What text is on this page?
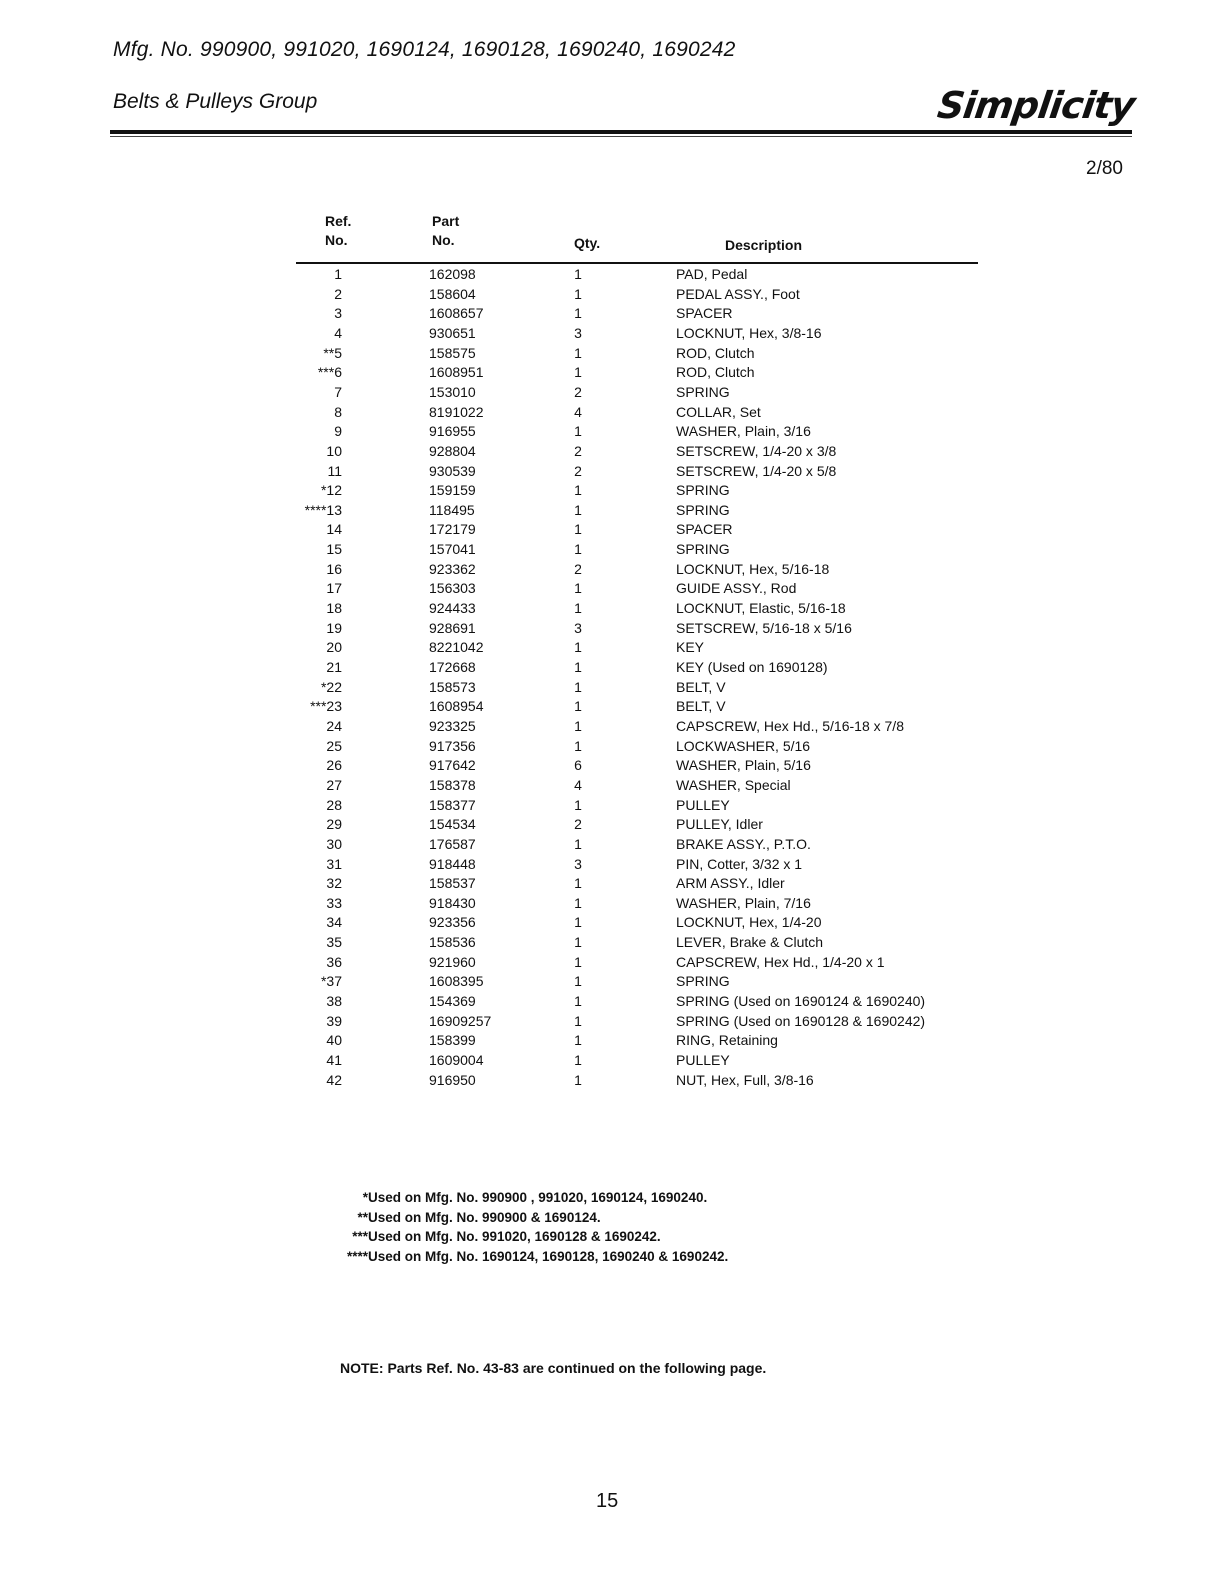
Mfg. No. 990900, 991020, 1690124, 1690128, 1690240, 1690242
Belts & Pulleys Group	Simplicity
2/80
Ref.
No.
Part
No.	Qty.	Description
1	162098	1	PAD, Pedal
2	158604	1	PEDAL ASSY., Foot
3	1608657	1	SPACER
4	930651	3	LOCKNUT, Hex, 3/8-16
**5	158575	1	ROD, Clutch
***6	1608951	1	ROD, Clutch
7	153010	2	SPRING
8	8191022	4	COLLAR, Set
9	916955	1	WASHER, Plain, 3/16
10	928804	2	SETSCREW, 1/4-20 x 3/8
11	930539	2	SETSCREW, 1/4-20 x 5/8
*12	159159	1	SPRING
****13	118495	1	SPRING
14	172179	1	SPACER
15	157041	1	SPRING
16	923362	2	LOCKNUT, Hex, 5/16-18
17	156303	1	GUIDE ASSY., Rod
18	924433	1	LOCKNUT, Elastic, 5/16-18
19	928691	3	SETSCREW, 5/16-18 x 5/16
20	8221042	1	KEY
21	172668	1	KEY (Used on 1690128)
*22	158573	1	BELT, V
***23	1608954	1	BELT, V
24	923325	1	CAPSCREW, Hex Hd., 5/16-18 x 7/8
25	917356	1	LOCKWASHER, 5/16
26	917642	6	WASHER, Plain, 5/16
27	158378	4	WASHER, Special
28	158377	1	PULLEY
29	154534	2	PULLEY, Idler
30	176587	1	BRAKE ASSY., P.T.O.
31	918448	3	PIN, Cotter, 3/32 x 1
32	158537	1	ARM ASSY., Idler
33	918430	1	WASHER, Plain, 7/16
34	923356	1	LOCKNUT, Hex, 1/4-20
35	158536	1	LEVER, Brake & Clutch
36	921960	1	CAPSCREW, Hex Hd., 1/4-20 x 1
*37	1608395	1	SPRING
38	154369	1	SPRING (Used on 1690124 & 1690240)
39	16909257	1	SPRING (Used on 1690128 & 1690242)
40	158399	1	RING, Retaining
41	1609004	1	PULLEY
42	916950	1	NUT, Hex, Full, 3/8-16
*Used on Mfg. No. 990900 , 991020, 1690124, 1690240.
**Used on Mfg. No. 990900 & 1690124.
***Used on Mfg. No. 991020, 1690128 & 1690242.
****Used on Mfg. No. 1690124, 1690128, 1690240 & 1690242.
NOTE: Parts Ref. No. 43-83 are continued on the following page.
15
